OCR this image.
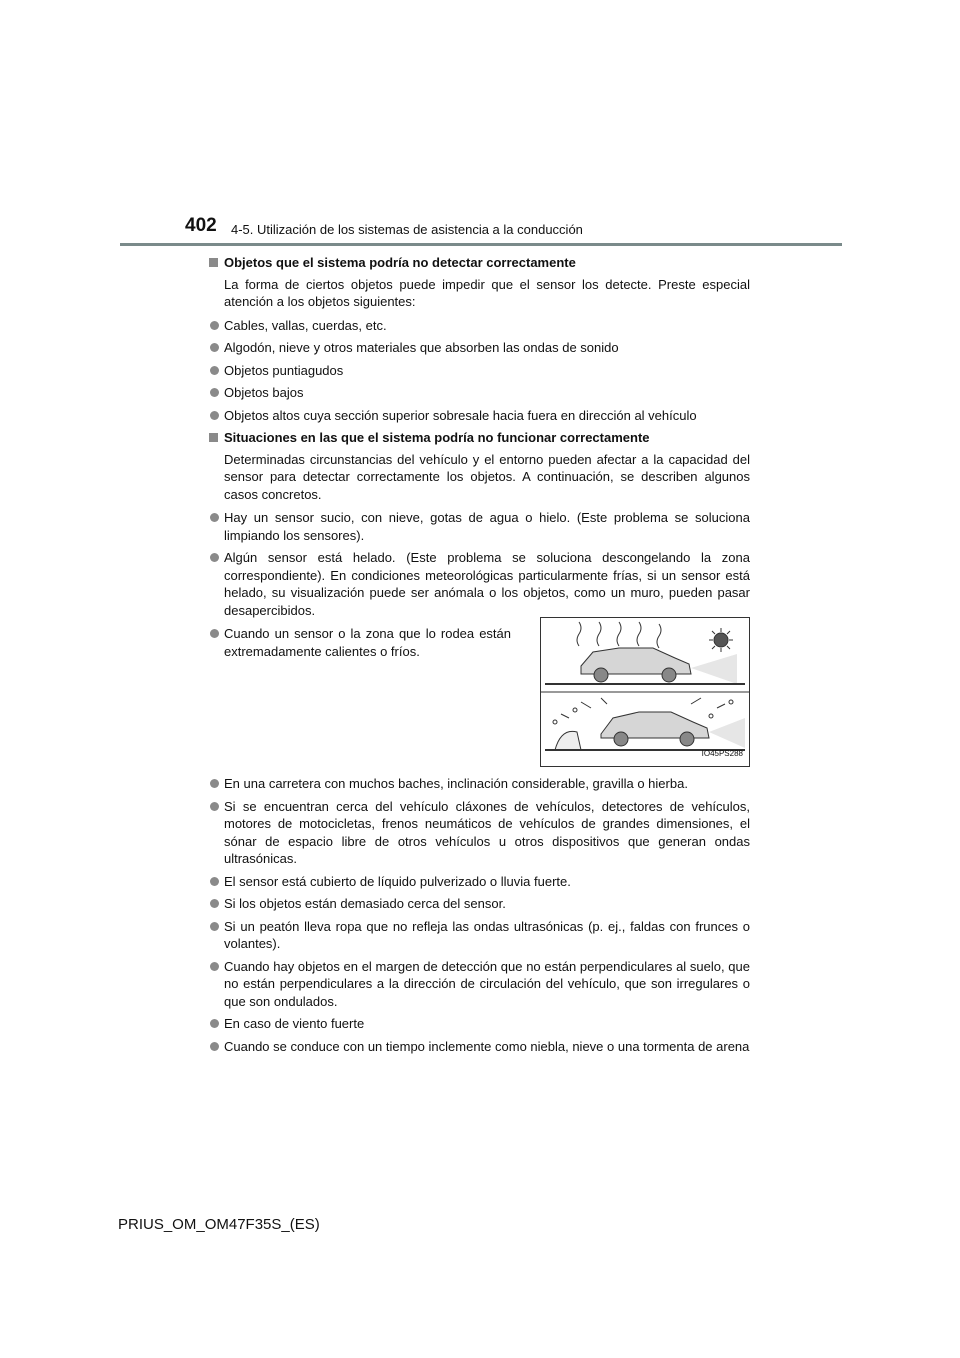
402 4-5. Utilización de los sistemas de asistencia a la conducción
Objetos que el sistema podría no detectar correctamente
La forma de ciertos objetos puede impedir que el sensor los detecte. Preste especial atención a los objetos siguientes:
Cables, vallas, cuerdas, etc.
Algodón, nieve y otros materiales que absorben las ondas de sonido
Objetos puntiagudos
Objetos bajos
Objetos altos cuya sección superior sobresale hacia fuera en dirección al vehículo
Situaciones en las que el sistema podría no funcionar correctamente
Determinadas circunstancias del vehículo y el entorno pueden afectar a la capacidad del sensor para detectar correctamente los objetos. A continuación, se describen algunos casos concretos.
Hay un sensor sucio, con nieve, gotas de agua o hielo. (Este problema se soluciona limpiando los sensores).
Algún sensor está helado. (Este problema se soluciona descongelando la zona correspondiente). En condiciones meteorológicas particularmente frías, si un sensor está helado, su visualización puede ser anómala o los objetos, como un muro, pueden pasar desapercibidos.
Cuando un sensor o la zona que lo rodea están extremadamente calientes o fríos.
IO45PS288
En una carretera con muchos baches, inclinación considerable, gravilla o hierba.
Si se encuentran cerca del vehículo cláxones de vehículos, detectores de vehículos, motores de motocicletas, frenos neumáticos de vehículos de grandes dimensiones, el sónar de espacio libre de otros vehículos u otros dispositivos que generan ondas ultrasónicas.
El sensor está cubierto de líquido pulverizado o lluvia fuerte.
Si los objetos están demasiado cerca del sensor.
Si un peatón lleva ropa que no refleja las ondas ultrasónicas (p. ej., faldas con frunces o volantes).
Cuando hay objetos en el margen de detección que no están perpendiculares al suelo, que no están perpendiculares a la dirección de circulación del vehículo, que son irregulares o que son ondulados.
En caso de viento fuerte
Cuando se conduce con un tiempo inclemente como niebla, nieve o una tormenta de arena
PRIUS_OM_OM47F35S_(ES)
